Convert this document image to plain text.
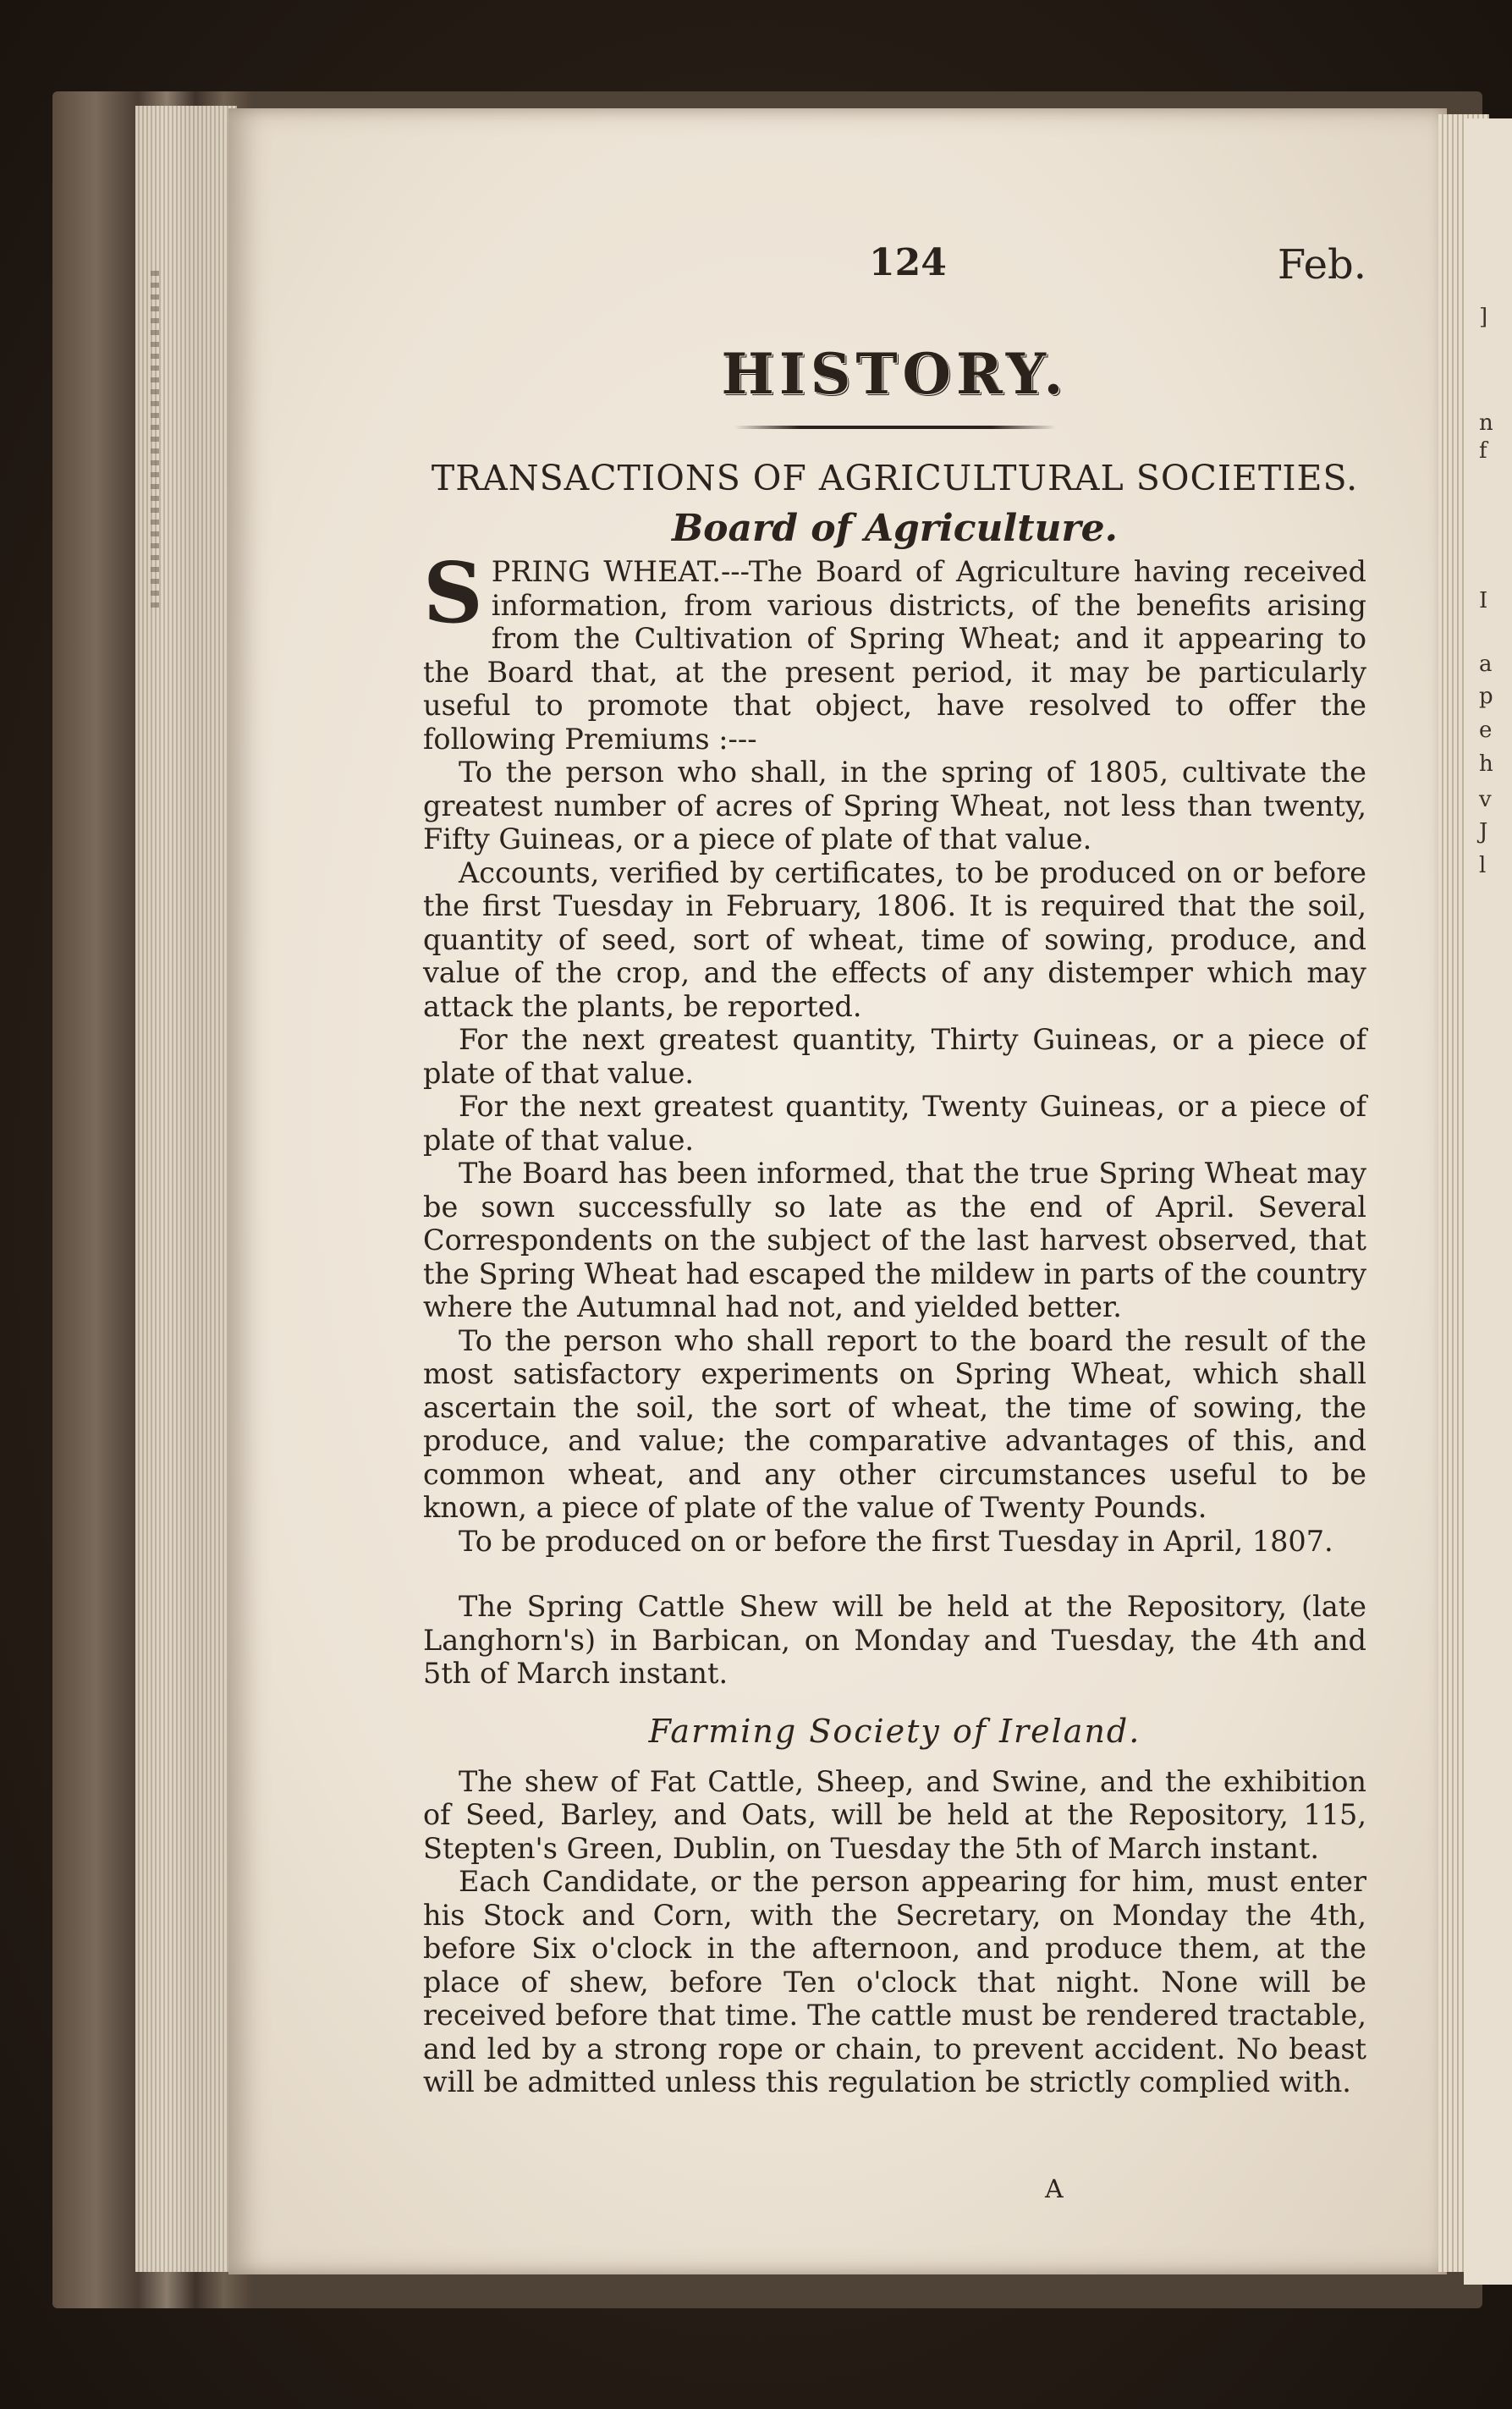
]
n
f
I
a
p
e
h
v
J
l
124	Feb.
HISTORY.
TRANSACTIONS OF AGRICULTURAL SOCIETIES.
Board of Agriculture.

SPRING WHEAT.---The Board of Agriculture having received information, from various districts, of the benefits arising from the Cultivation of Spring Wheat; and it appearing to the Board that, at the present period, it may be particularly useful to promote that object, have resolved to offer the following Premiums :---

To the person who shall, in the spring of 1805, cultivate the greatest number of acres of Spring Wheat, not less than twenty, Fifty Guineas, or a piece of plate of that value.

Accounts, verified by certificates, to be produced on or before the first Tuesday in February, 1806. It is required that the soil, quantity of seed, sort of wheat, time of sowing, produce, and value of the crop, and the effects of any distemper which may attack the plants, be reported.

For the next greatest quantity, Thirty Guineas, or a piece of plate of that value.

For the next greatest quantity, Twenty Guineas, or a piece of plate of that value.

The Board has been informed, that the true Spring Wheat may be sown successfully so late as the end of April. Several Correspondents on the subject of the last harvest observed, that the Spring Wheat had escaped the mildew in parts of the country where the Autumnal had not, and yielded better.

To the person who shall report to the board the result of the most satisfactory experiments on Spring Wheat, which shall ascertain the soil, the sort of wheat, the time of sowing, the produce, and value; the comparative advantages of this, and common wheat, and any other circumstances useful to be known, a piece of plate of the value of Twenty Pounds.

To be produced on or before the first Tuesday in April, 1807.

The Spring Cattle Shew will be held at the Repository, (late Langhorn's) in Barbican, on Monday and Tuesday, the 4th and 5th of March instant.

Farming Society of Ireland.

The shew of Fat Cattle, Sheep, and Swine, and the exhibition of Seed, Barley, and Oats, will be held at the Repository, 115, Stepten's Green, Dublin, on Tuesday the 5th of March instant.

Each Candidate, or the person appearing for him, must enter his Stock and Corn, with the Secretary, on Monday the 4th, before Six o'clock in the afternoon, and produce them, at the place of shew, before Ten o'clock that night. None will be received before that time. The cattle must be rendered tractable, and led by a strong rope or chain, to prevent accident. No beast will be admitted unless this regulation be strictly complied with.

A
